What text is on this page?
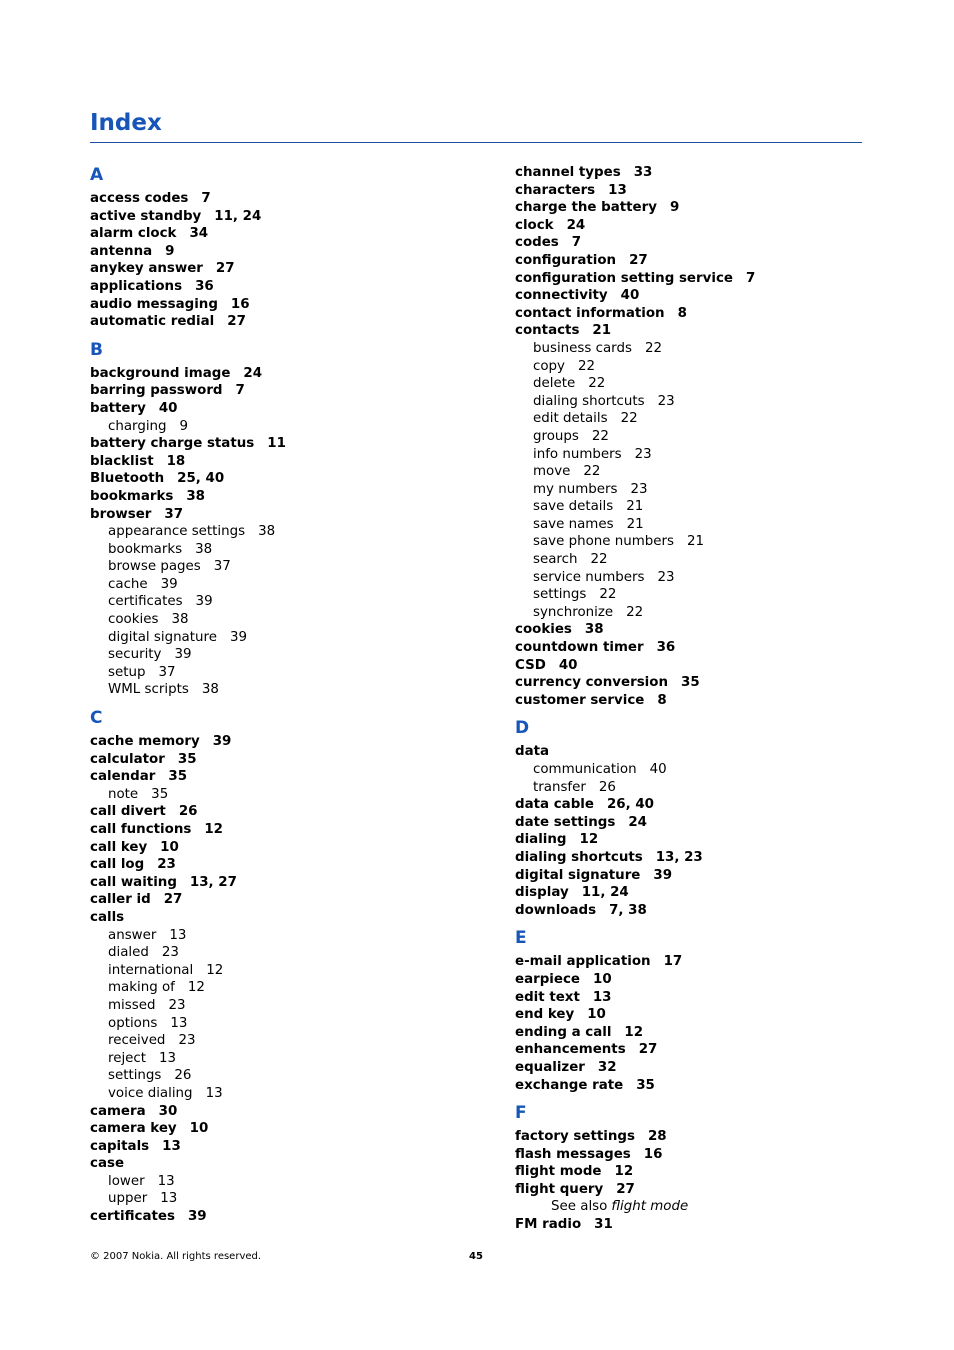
Index
A
access codes 7
active standby 11, 24
alarm clock 34
antenna 9
anykey answer 27
applications 36
audio messaging 16
automatic redial 27
B
background image 24
barring password 7
battery 40
charging 9
battery charge status 11
blacklist 18
Bluetooth 25, 40
bookmarks 38
browser 37
appearance settings 38
bookmarks 38
browse pages 37
cache 39
certificates 39
cookies 38
digital signature 39
security 39
setup 37
WML scripts 38
C
cache memory 39
calculator 35
calendar 35
note 35
call divert 26
call functions 12
call key 10
call log 23
call waiting 13, 27
caller id 27
calls
answer 13
dialed 23
international 12
making of 12
missed 23
options 13
received 23
reject 13
settings 26
voice dialing 13
camera 30
camera key 10
capitals 13
case
lower 13
upper 13
certificates 39
channel types 33
characters 13
charge the battery 9
clock 24
codes 7
configuration 27
configuration setting service 7
connectivity 40
contact information 8
contacts 21
business cards 22
copy 22
delete 22
dialing shortcuts 23
edit details 22
groups 22
info numbers 23
move 22
my numbers 23
save details 21
save names 21
save phone numbers 21
search 22
service numbers 23
settings 22
synchronize 22
cookies 38
countdown timer 36
CSD 40
currency conversion 35
customer service 8
D
data
communication 40
transfer 26
data cable 26, 40
date settings 24
dialing 12
dialing shortcuts 13, 23
digital signature 39
display 11, 24
downloads 7, 38
E
e-mail application 17
earpiece 10
edit text 13
end key 10
ending a call 12
enhancements 27
equalizer 32
exchange rate 35
F
factory settings 28
flash messages 16
flight mode 12
flight query 27
See also flight mode
FM radio 31
© 2007 Nokia. All rights reserved.	45
